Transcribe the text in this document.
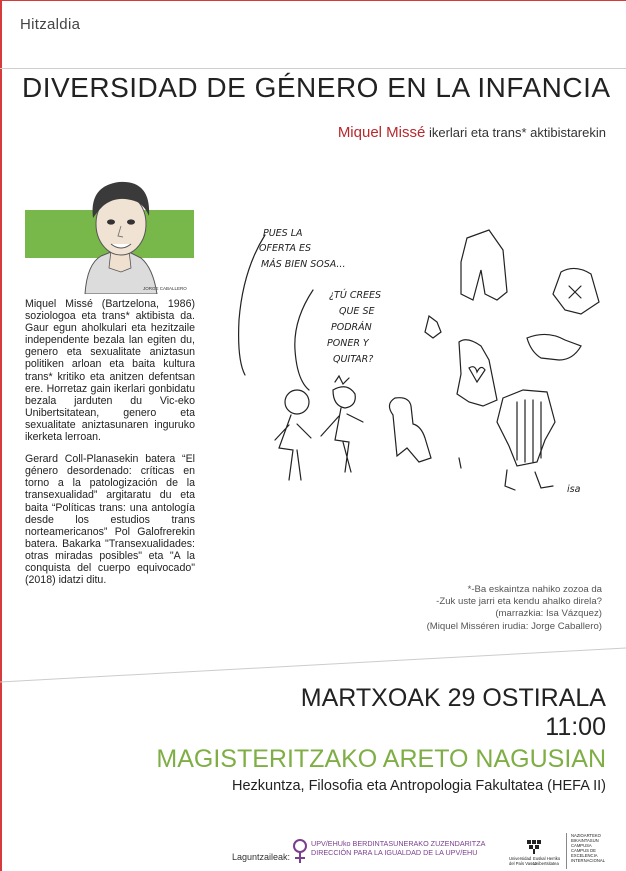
Hitzaldia
DIVERSIDAD DE GÉNERO EN LA INFANCIA
Miquel Missé ikerlari eta trans* aktibistarekin
JORGE CABALLERO

Miquel Missé (Bartzelona, 1986) soziologoa eta trans* aktibista da. Gaur egun aholkulari eta hezitzaile independente bezala lan egiten du, genero eta sexualitate aniztasun politiken arloan eta baita kultura trans* kritiko eta anitzen defentsan ere. Horretaz gain ikerlari gonbidatu bezala jarduten du Vic-eko Unibertsitatean, genero eta sexualitate aniztasunaren inguruko ikerketa lerroan.

Gerard Coll-Planasekin batera “El género desordenado: críticas en torno a la patologización de la transexualidad” argitaratu du eta baita “Políticas trans: una antología desde los estudios trans norteamericanos” Pol Galofrerekin batera. Bakarka "Transexualidades: otras miradas posibles" eta "A la conquista del cuerpo equivocado" (2018) idatzi ditu.

PUES LA
OFERTA ES
MÁS BIEN SOSA...
¿TÚ CREES
QUE SE
PODRÁN
PONER Y
QUITAR?
isa
*-Ba eskaintza nahiko zozoa da
-Zuk uste jarri eta kendu ahalko direla?
(marrazkia: Isa Vázquez)
(Miquel Misséren irudia: Jorge Caballero)
MARTXOAK 29 OSTIRALA
11:00
MAGISTERITZAKO ARETO NAGUSIAN
Hezkuntza, Filosofia eta Antropologia Fakultatea (HEFA II)
Laguntzaileak:
UPV/EHUko BERDINTASUNERAKO ZUZENDARITZA
DIRECCIÓN PARA LA IGUALDAD DE LA UPV/EHU
Universidad
del País Vasco
Euskal Herriko
Unibertsitatea
NAZIOARTEKO
BIKAINTASUN
CAMPUSA
CAMPUS DE
EXCELENCIA
INTERNACIONAL
